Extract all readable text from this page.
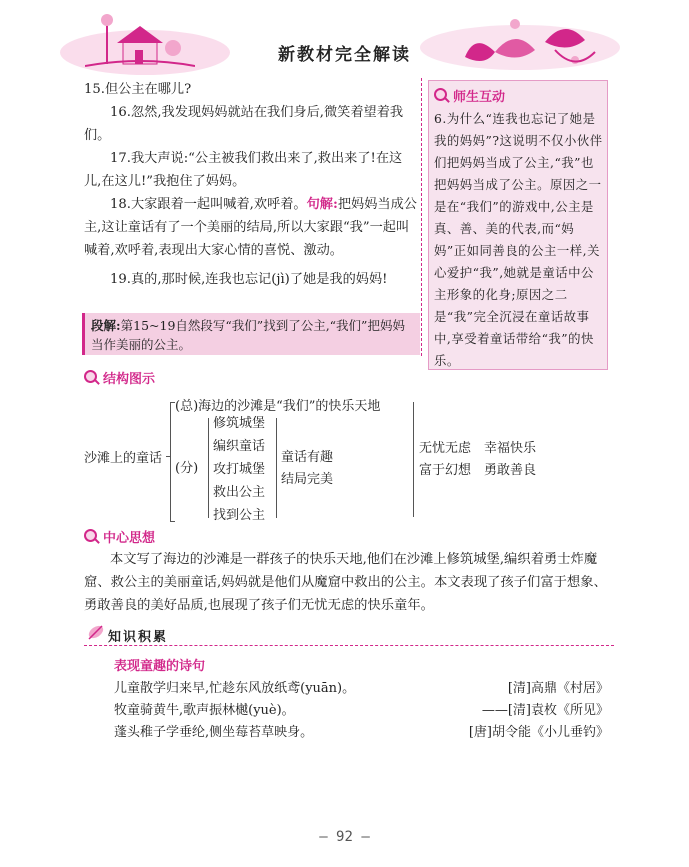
新教材完全解读
15.但公主在哪儿?
16.忽然,我发现妈妈就站在我们身后,微笑着望着我们。
17.我大声说:“公主被我们救出来了,救出来了!在这儿,在这儿!”我抱住了妈妈。
18.大家跟着一起叫喊着,欢呼着。句解:把妈妈当成公主,这让童话有了一个美丽的结局,所以大家跟“我”一起叫喊着,欢呼着,表现出大家心情的喜悦、激动。
19.真的,那时候,连我也忘记(jì)了她是我的妈妈!
段解:第15~19自然段写“我们”找到了公主,“我们”把妈妈当作美丽的公主。
师生互动
6.为什么“连我也忘记了她是我的妈妈”?这说明不仅小伙伴们把妈妈当成了公主,“我”也把妈妈当成了公主。原因之一是在“我们”的游戏中,公主是真、善、美的代表,而“妈妈”正如同善良的公主一样,关心爱护“我”,她就是童话中公主形象的化身;原因之二是“我”完全沉浸在童话故事中,享受着童话带给“我”的快乐。
结构图示
沙滩上的童话
(总)海边的沙滩是“我们”的快乐天地
(分)
修筑城堡
编织童话
攻打城堡
救出公主
找到公主
童话有趣
结局完美
无忧无虑　幸福快乐
富于幻想　勇敢善良
中心思想
本文写了海边的沙滩是一群孩子的快乐天地,他们在沙滩上修筑城堡,编织着勇士炸魔窟、救公主的美丽童话,妈妈就是他们从魔窟中救出的公主。本文表现了孩子们富于想象、勇敢善良的美好品质,也展现了孩子们无忧无虑的快乐童年。
知识积累
表现童趣的诗句
儿童散学归来早,忙趁东风放纸鸢(yuān)。	[清]高鼎《村居》
牧童骑黄牛,歌声振林樾(yuè)。	——[清]袁枚《所见》
蓬头稚子学垂纶,侧坐莓苔草映身。	[唐]胡令能《小儿垂钓》
— 92 —
